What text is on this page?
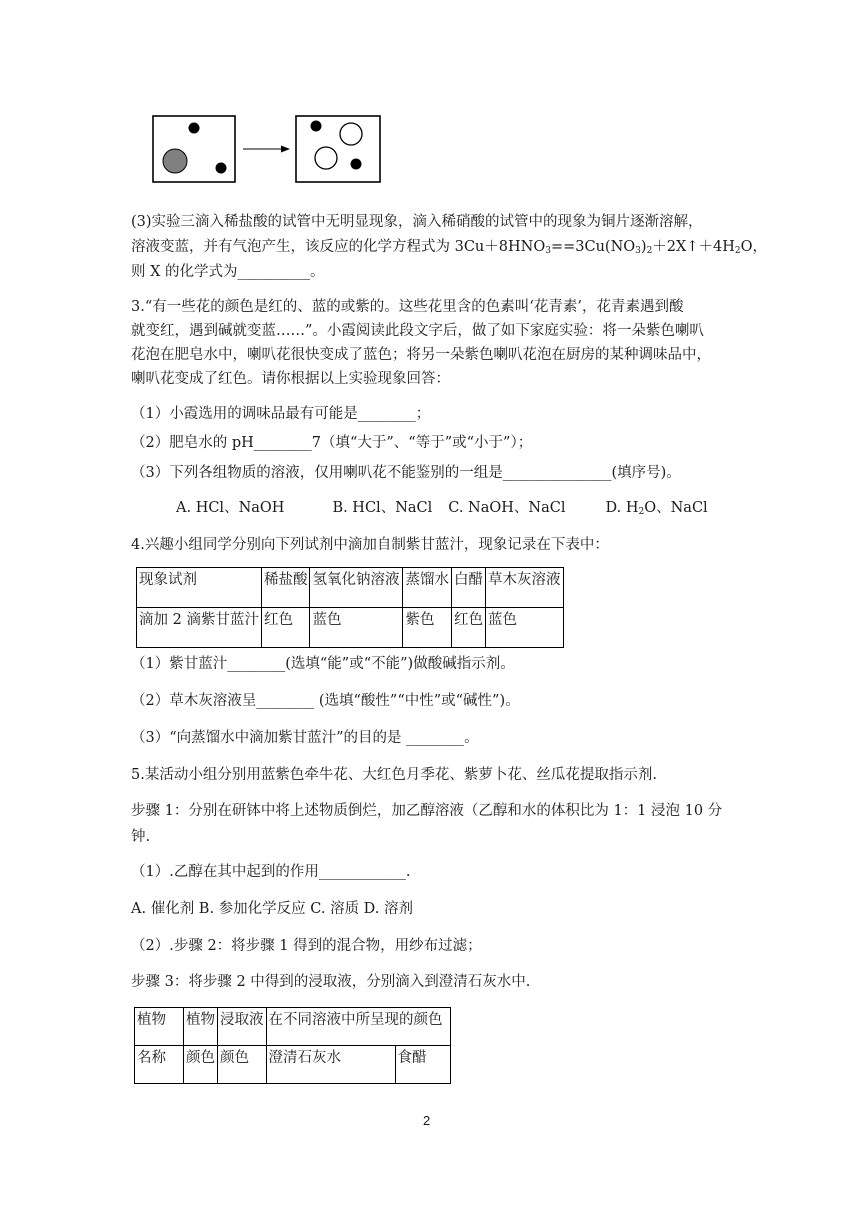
(3)实验三滴入稀盐酸的试管中无明显现象，滴入稀硝酸的试管中的现象为铜片逐渐溶解，
溶液变蓝，并有气泡产生，该反应的化学方程式为 $3Cu+8HNO_3==3Cu(NO_3)_2+2X↑+4H_2O$，
则 X 的化学式为__________。
3.“有一些花的颜色是红的、蓝的或紫的。这些花里含的色素叫‘花青素’，花青素遇到酸
就变红，遇到碱就变蓝……”。小霞阅读此段文字后，做了如下家庭实验：将一朵紫色喇叭
花泡在肥皂水中，喇叭花很快变成了蓝色；将另一朵紫色喇叭花泡在厨房的某种调味品中，
喇叭花变成了红色。请你根据以上实验现象回答：
（1）小霞选用的调味品最有可能是________；
（2）肥皂水的 pH________7（填“大于”、“等于”或“小于”）；
（3）下列各组物质的溶液，仅用喇叭花不能鉴别的一组是_______________(填序号)。
A. HCl、NaOH	B. HCl、NaCl C. NaOH、NaCl	D. $H_2O$、NaCl
4.兴趣小组同学分别向下列试剂中滴加自制紫甘蓝汁，现象记录在下表中：
现象试剂	稀盐酸	氢氧化钠溶液	蒸馏水	白醋	草木灰溶液
滴加 2 滴紫甘蓝汁	红色	蓝色	紫色	红色	蓝色
（1）紫甘蓝汁________(选填“能”或“不能”)做酸碱指示剂。
（2）草木灰溶液呈________ (选填“酸性”“中性”或“碱性”)。
（3）“向蒸馏水中滴加紫甘蓝汁”的目的是 ________。
5.某活动小组分别用蓝紫色牵牛花、大红色月季花、紫萝卜花、丝瓜花提取指示剂.
步骤 1：分别在研钵中将上述物质倒烂，加乙醇溶液（乙醇和水的体积比为 1：1 浸泡 10 分
钟.
（1）.乙醇在其中起到的作用____________.
A. 催化剂 B. 参加化学反应 C. 溶质 D. 溶剂
（2）.步骤 2：将步骤 1 得到的混合物，用纱布过滤；
步骤 3：将步骤 2 中得到的浸取液，分别滴入到澄清石灰水中.
植物	植物	浸取液	在不同溶液中所呈现的颜色	
名称	颜色	颜色	澄清石灰水	食醋
2
